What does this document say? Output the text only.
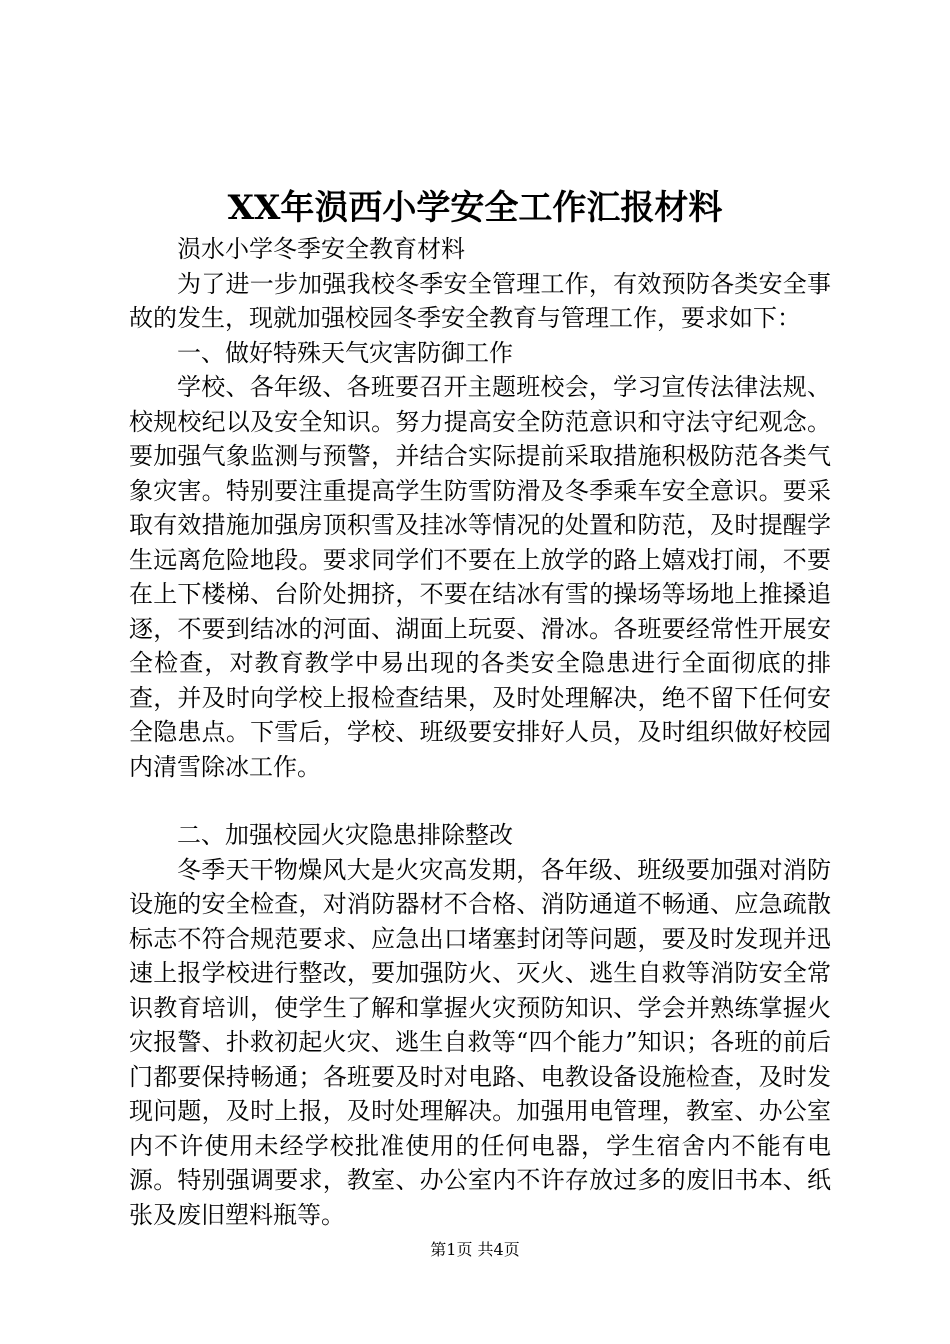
XX年涢西小学安全工作汇报材料

涢水小学冬季安全教育材料

为了进一步加强我校冬季安全管理工作，有效预防各类安全事故的发生，现就加强校园冬季安全教育与管理工作，要求如下：

一、做好特殊天气灾害防御工作

学校、各年级、各班要召开主题班校会，学习宣传法律法规、校规校纪以及安全知识。努力提高安全防范意识和守法守纪观念。要加强气象监测与预警，并结合实际提前采取措施积极防范各类气象灾害。特别要注重提高学生防雪防滑及冬季乘车安全意识。要采取有效措施加强房顶积雪及挂冰等情况的处置和防范，及时提醒学生远离危险地段。要求同学们不要在上放学的路上嬉戏打闹，不要在上下楼梯、台阶处拥挤，不要在结冰有雪的操场等场地上推搡追逐，不要到结冰的河面、湖面上玩耍、滑冰。各班要经常性开展安全检查，对教育教学中易出现的各类安全隐患进行全面彻底的排查，并及时向学校上报检查结果，及时处理解决，绝不留下任何安全隐患点。下雪后，学校、班级要安排好人员，及时组织做好校园内清雪除冰工作。

二、加强校园火灾隐患排除整改

冬季天干物燥风大是火灾高发期，各年级、班级要加强对消防设施的安全检查，对消防器材不合格、消防通道不畅通、应急疏散标志不符合规范要求、应急出口堵塞封闭等问题，要及时发现并迅速上报学校进行整改，要加强防火、灭火、逃生自救等消防安全常识教育培训，使学生了解和掌握火灾预防知识、学会并熟练掌握火灾报警、扑救初起火灾、逃生自救等“四个能力”知识；各班的前后门都要保持畅通；各班要及时对电路、电教设备设施检查，及时发现问题，及时上报，及时处理解决。加强用电管理，教室、办公室内不许使用未经学校批准使用的任何电器，学生宿舍内不能有电源。特别强调要求，教室、办公室内不许存放过多的废旧书本、纸张及废旧塑料瓶等。

第1页 共4页
